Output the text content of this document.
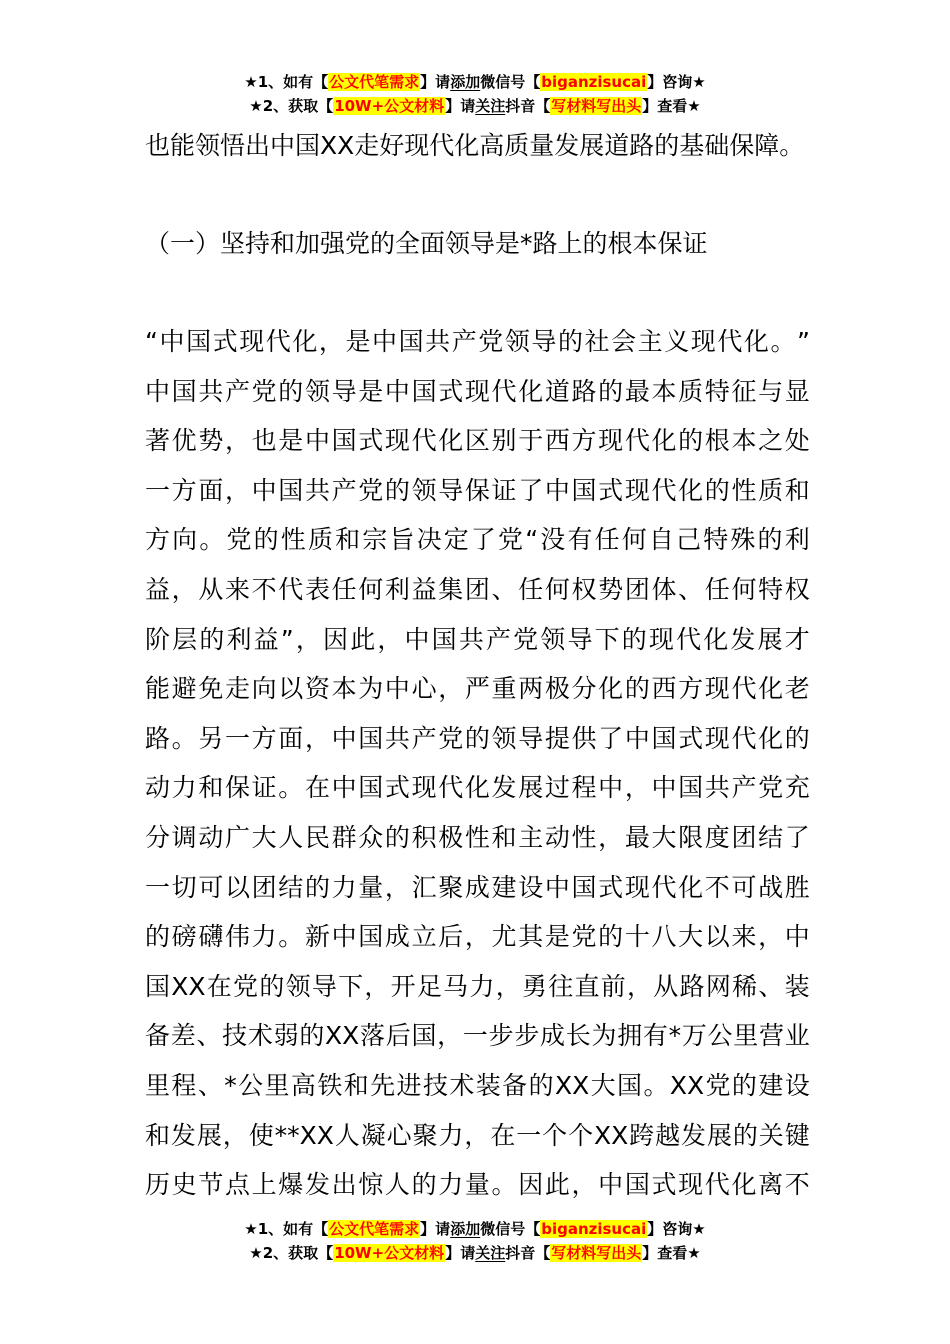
★1、如有【公文代笔需求】请添加微信号【biganzisucai】咨询★
★2、获取【10W+公文材料】请关注抖音【写材料写出头】查看★
也能领悟出中国XX走好现代化高质量发展道路的基础保障。
（一）坚持和加强党的全面领导是*路上的根本保证
“ 中 国 式 现 代 化 ， 是 中 国 共 产 党 领 导 的 社 会 主 义 现 代 化 。 ”
中 国 共 产 党 的 领 导 是 中 国 式 现 代 化 道 路 的 最 本 质 特 征 与 显
著 优 势 ， 也 是 中 国 式 现 代 化 区 别 于 西 方 现 代 化 的 根 本 之 处
一 方 面 ， 中 国 共 产 党 的 领 导 保 证 了 中 国 式 现 代 化 的 性 质 和
方 向 。 党 的 性 质 和 宗 旨 决 定 了 党 “ 没 有 任 何 自 己 特 殊 的 利
益 ， 从 来 不 代 表 任 何 利 益 集 团 、 任 何 权 势 团 体 、 任 何 特 权
阶 层 的 利 益 ” ， 因 此 ， 中 国 共 产 党 领 导 下 的 现 代 化 发 展 才
能 避 免 走 向 以 资 本 为 中 心 ， 严 重 两 极 分 化 的 西 方 现 代 化 老
路 。 另 一 方 面 ， 中 国 共 产 党 的 领 导 提 供 了 中 国 式 现 代 化 的
动 力 和 保 证 。 在 中 国 式 现 代 化 发 展 过 程 中 ， 中 国 共 产 党 充
分 调 动 广 大 人 民 群 众 的 积 极 性 和 主 动 性 ， 最 大 限 度 团 结 了
一 切 可 以 团 结 的 力 量 ， 汇 聚 成 建 设 中 国 式 现 代 化 不 可 战 胜
的 磅 礴 伟 力 。 新 中 国 成 立 后 ， 尤 其 是 党 的 十 八 大 以 来 ， 中
国 XX 在 党 的 领 导 下 ， 开 足 马 力 ， 勇 往 直 前 ， 从 路 网 稀 、 装
备 差 、 技 术 弱 的 XX 落 后 国 ， 一 步 步 成 长 为 拥 有 * 万 公 里 营 业
里 程 、 * 公 里 高 铁 和 先 进 技 术 装 备 的 XX 大 国 。 XX 党 的 建 设
和 发 展 ， 使 **XX 人 凝 心 聚 力 ， 在 一 个 个 XX 跨 越 发 展 的 关 键
历 史 节 点 上 爆 发 出 惊 人 的 力 量 。 因 此 ， 中 国 式 现 代 化 离 不
★1、如有【公文代笔需求】请添加微信号【biganzisucai】咨询★
★2、获取【10W+公文材料】请关注抖音【写材料写出头】查看★
